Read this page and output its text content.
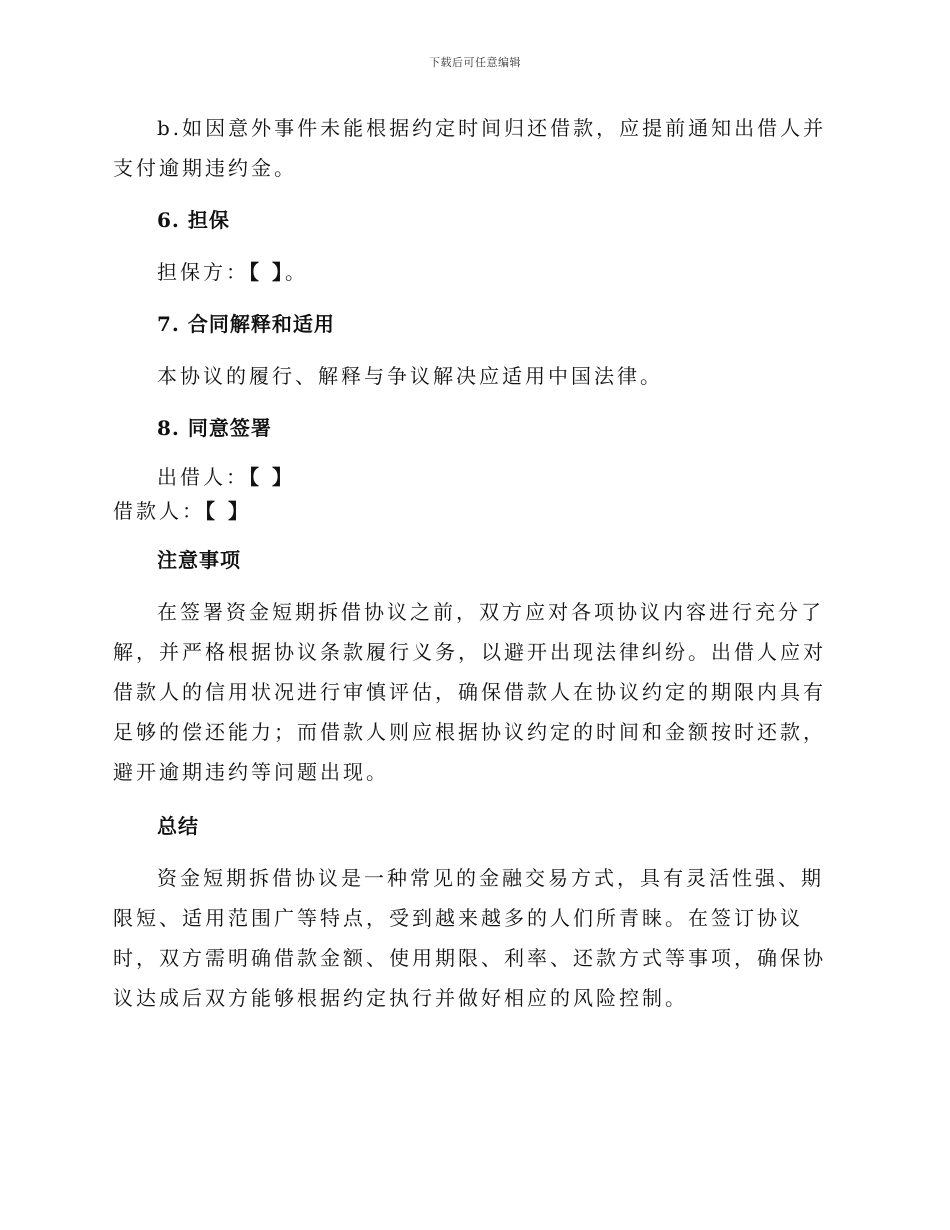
下载后可任意编辑

b.如因意外事件未能根据约定时间归还借款，应提前通知出借人并支付逾期违约金。

6. 担保

担保方：【 】。

7. 合同解释和适用

本协议的履行、解释与争议解决应适用中国法律。

8. 同意签署

出借人：【 】

借款人：【 】

注意事项

在签署资金短期拆借协议之前，双方应对各项协议内容进行充分了解，并严格根据协议条款履行义务，以避开出现法律纠纷。出借人应对借款人的信用状况进行审慎评估，确保借款人在协议约定的期限内具有足够的偿还能力；而借款人则应根据协议约定的时间和金额按时还款，避开逾期违约等问题出现。

总结

资金短期拆借协议是一种常见的金融交易方式，具有灵活性强、期限短、适用范围广等特点，受到越来越多的人们所青睐。在签订协议时，双方需明确借款金额、使用期限、利率、还款方式等事项，确保协议达成后双方能够根据约定执行并做好相应的风险控制。
